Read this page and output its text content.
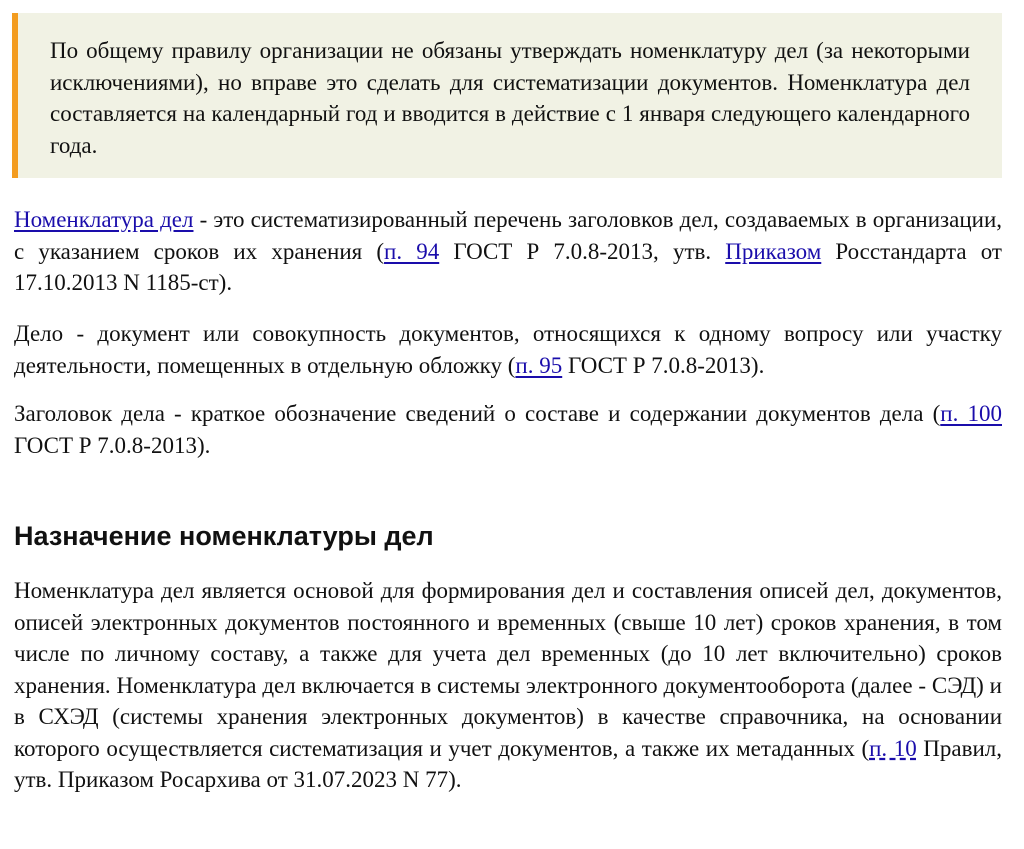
По общему правилу организации не обязаны утверждать номенклатуру дел (за некоторыми исключениями), но вправе это сделать для систематизации документов. Номенклатура дел составляется на календарный год и вводится в действие с 1 января следующего календарного года.

Номенклатура дел - это систематизированный перечень заголовков дел, создаваемых в организации, с указанием сроков их хранения (п. 94 ГОСТ Р 7.0.8-2013, утв. Приказом Росстандарта от 17.10.2013 N 1185-ст).

Дело - документ или совокупность документов, относящихся к одному вопросу или участку деятельности, помещенных в отдельную обложку (п. 95 ГОСТ Р 7.0.8-2013).

Заголовок дела - краткое обозначение сведений о составе и содержании документов дела (п. 100 ГОСТ Р 7.0.8-2013).

Назначение номенклатуры дел

Номенклатура дел является основой для формирования дел и составления описей дел, документов, описей электронных документов постоянного и временных (свыше 10 лет) сроков хранения, в том числе по личному составу, а также для учета дел временных (до 10 лет включительно) сроков хранения. Номенклатура дел включается в системы электронного документооборота (далее - СЭД) и в СХЭД (системы хранения электронных документов) в качестве справочника, на основании которого осуществляется систематизация и учет документов, а также их метаданных (п. 10 Правил, утв. Приказом Росархива от 31.07.2023 N 77).
